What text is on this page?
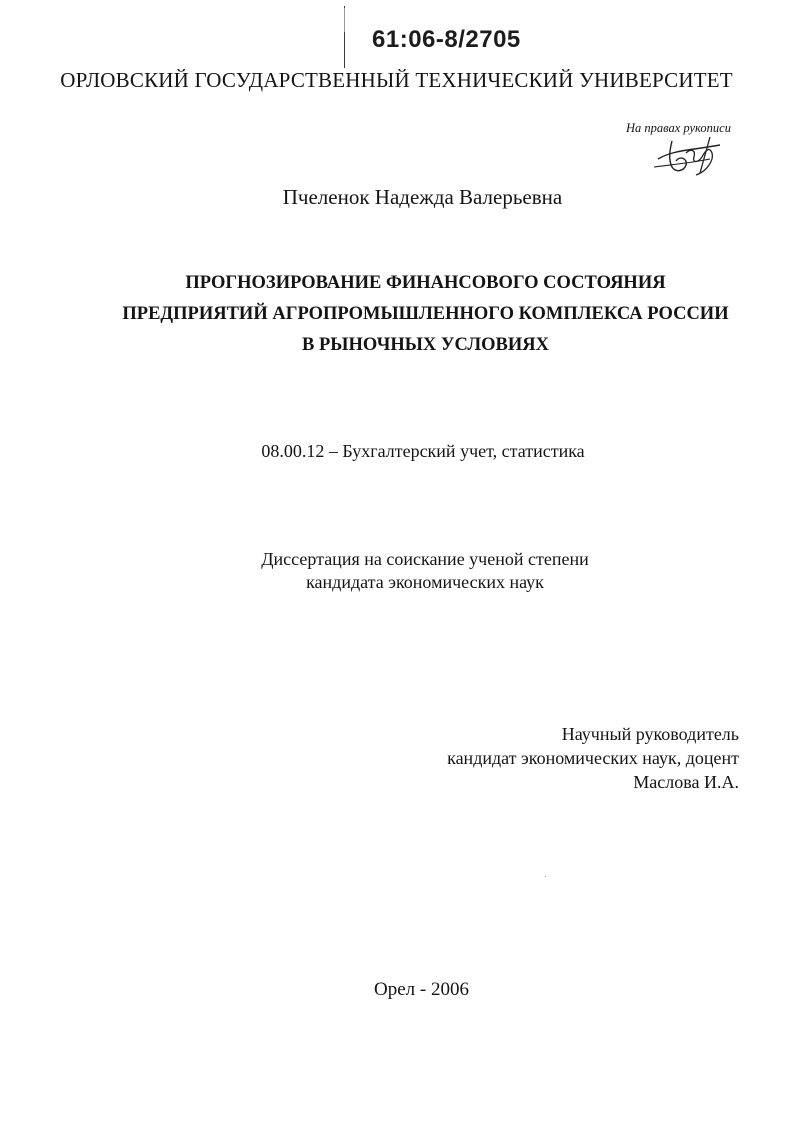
61:06-8/2705
ОРЛОВСКИЙ ГОСУДАРСТВЕННЫЙ ТЕХНИЧЕСКИЙ УНИВЕРСИТЕТ
На правах рукописи
Пчеленок Надежда Валерьевна
ПРОГНОЗИРОВАНИЕ ФИНАНСОВОГО СОСТОЯНИЯ
ПРЕДПРИЯТИЙ АГРОПРОМЫШЛЕННОГО КОМПЛЕКСА РОССИИ
В РЫНОЧНЫХ УСЛОВИЯХ
08.00.12 – Бухгалтерский учет, статистика
Диссертация на соискание ученой степени
кандидата экономических наук
Научный руководитель
кандидат экономических наук, доцент
Маслова И.А.
Орел - 2006
